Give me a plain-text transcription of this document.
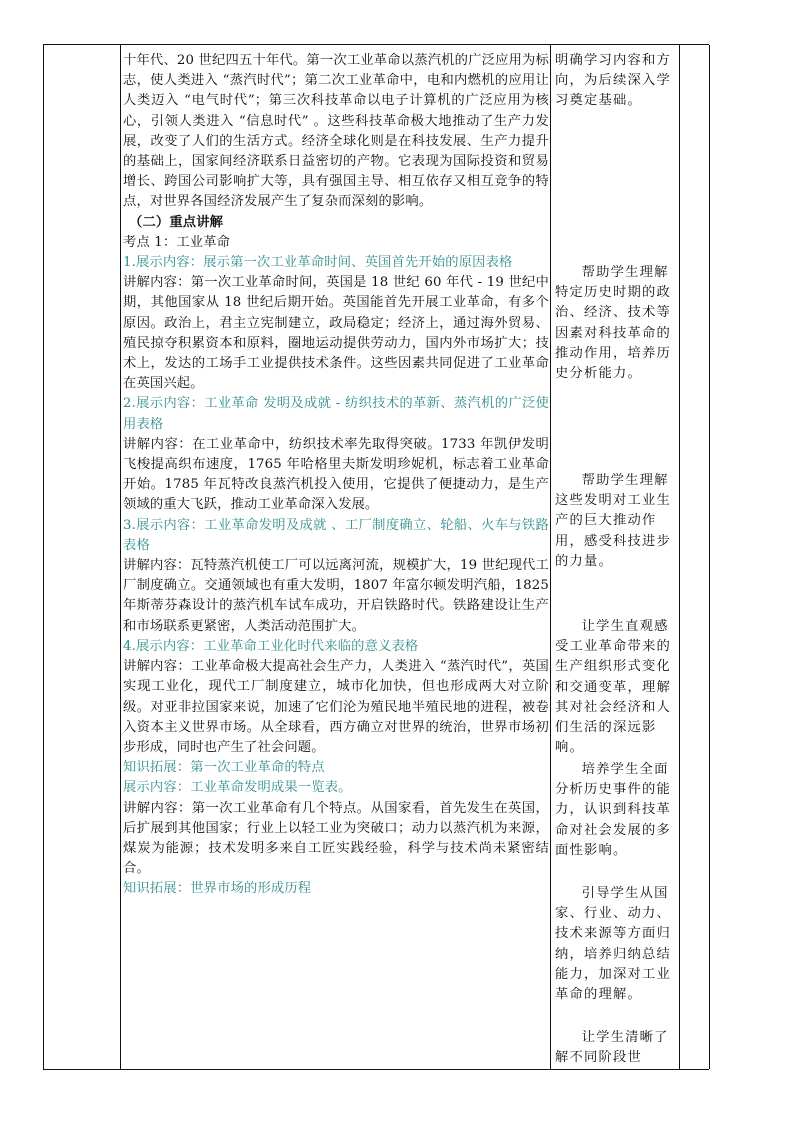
十年代、20 世纪四五十年代。第一次工业革命以蒸汽机的广泛应用为标志，使人类进入 “蒸汽时代”；第二次工业革命中，电和内燃机的应用让人类迈入 “电气时代”；第三次科技革命以电子计算机的广泛应用为核心，引领人类进入 “信息时代” 。这些科技革命极大地推动了生产力发展，改变了人们的生活方式。经济全球化则是在科技发展、生产力提升的基础上，国家间经济联系日益密切的产物。它表现为国际投资和贸易增长、跨国公司影响扩大等，具有强国主导、相互依存又相互竞争的特点，对世界各国经济发展产生了复杂而深刻的影响。

（二）重点讲解

考点 1：工业革命

1.展示内容：展示第一次工业革命时间、英国首先开始的原因表格

讲解内容：第一次工业革命时间，英国是 18 世纪 60 年代 - 19 世纪中期，其他国家从 18 世纪后期开始。英国能首先开展工业革命，有多个原因。政治上，君主立宪制建立，政局稳定；经济上，通过海外贸易、殖民掠夺积累资本和原料，圈地运动提供劳动力，国内外市场扩大；技术上，发达的工场手工业提供技术条件。这些因素共同促进了工业革命在英国兴起。

2.展示内容：工业革命 发明及成就 - 纺织技术的革新、蒸汽机的广泛使用表格

讲解内容：在工业革命中，纺织技术率先取得突破。1733 年凯伊发明飞梭提高织布速度，1765 年哈格里夫斯发明珍妮机，标志着工业革命开始。1785 年瓦特改良蒸汽机投入使用，它提供了便捷动力，是生产领域的重大飞跃，推动工业革命深入发展。

3.展示内容：工业革命发明及成就 、工厂制度确立、轮船、火车与铁路表格

讲解内容：瓦特蒸汽机使工厂可以远离河流，规模扩大，19 世纪现代工厂制度确立。交通领域也有重大发明，1807 年富尔顿发明汽船，1825 年斯蒂芬森设计的蒸汽机车试车成功，开启铁路时代。铁路建设让生产和市场联系更紧密，人类活动范围扩大。

4.展示内容：工业革命工业化时代来临的意义表格

讲解内容：工业革命极大提高社会生产力，人类进入 “蒸汽时代”，英国实现工业化，现代工厂制度建立，城市化加快，但也形成两大对立阶级。对亚非拉国家来说，加速了它们沦为殖民地半殖民地的进程，被卷入资本主义世界市场。从全球看，西方确立对世界的统治，世界市场初步形成，同时也产生了社会问题。

知识拓展：第一次工业革命的特点

展示内容：工业革命发明成果一览表。

讲解内容：第一次工业革命有几个特点。从国家看，首先发生在英国，后扩展到其他国家；行业上以轻工业为突破口；动力以蒸汽机为来源，煤炭为能源；技术发明多来自工匠实践经验，科学与技术尚未紧密结合。

知识拓展：世界市场的形成历程

明确学习内容和方向，为后续深入学习奠定基础。

帮助学生理解特定历史时期的政治、经济、技术等因素对科技革命的推动作用，培养历史分析能力。

帮助学生理解这些发明对工业生产的巨大推动作用，感受科技进步的力量。

让学生直观感受工业革命带来的生产组织形式变化和交通变革，理解其对社会经济和人们生活的深远影响。

培养学生全面分析历史事件的能力，认识到科技革命对社会发展的多面性影响。

引导学生从国家、行业、动力、技术来源等方面归纳，培养归纳总结能力，加深对工业革命的理解。

让学生清晰了解不同阶段世
